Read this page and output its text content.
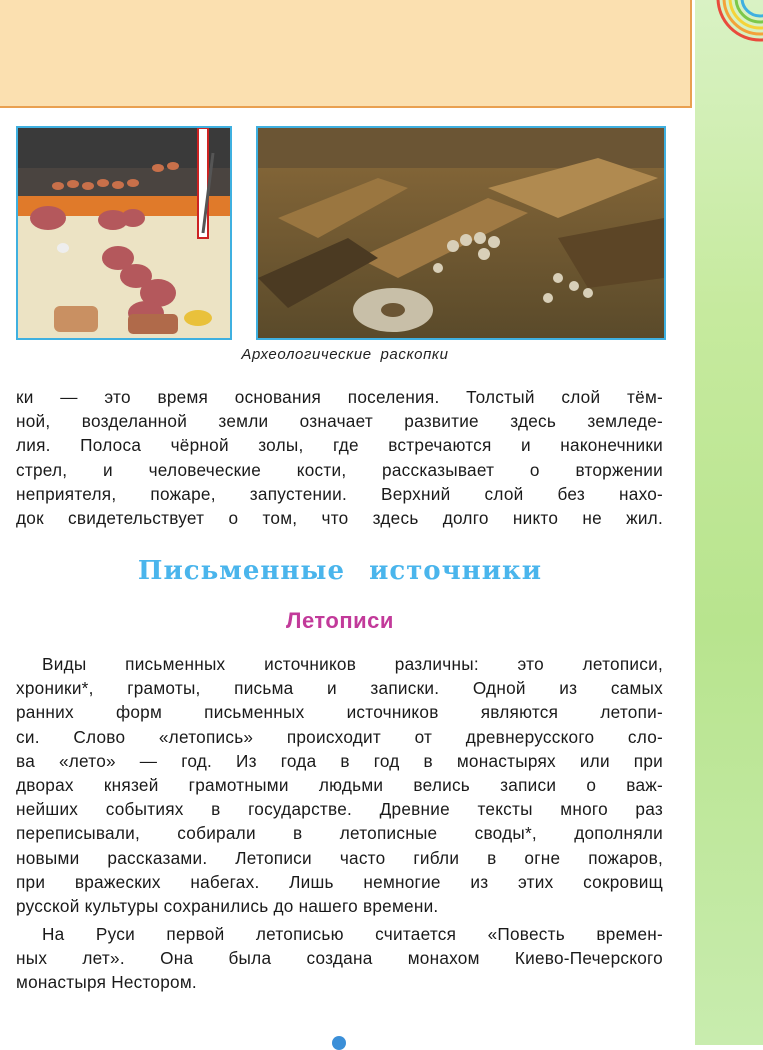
Археологические раскопки
ки — это время основания поселения. Толстый слой тём-
ной, возделанной земли означает развитие здесь земледе-
лия. Полоса чёрной золы, где встречаются и наконечники
стрел, и человеческие кости, рассказывает о вторжении
неприятеля, пожаре, запустении. Верхний слой без нахо-
док свидетельствует о том, что здесь долго никто не жил.
Письменные источники
Летописи
Виды письменных источников различны: это летописи,
хроники*, грамоты, письма и записки. Одной из самых
ранних форм письменных источников являются летопи-
си. Слово «летопись» происходит от древнерусского сло-
ва «лето» — год. Из года в год в монастырях или при
дворах князей грамотными людьми велись записи о важ-
нейших событиях в государстве. Древние тексты много раз
переписывали, собирали в летописные своды*, дополняли
новыми рассказами. Летописи часто гибли в огне пожаров,
при вражеских набегах. Лишь немногие из этих сокровищ
русской культуры сохранились до нашего времени.
На Руси первой летописью считается «Повесть времен-
ных лет». Она была создана монахом Киево-Печерского
монастыря Нестором.
